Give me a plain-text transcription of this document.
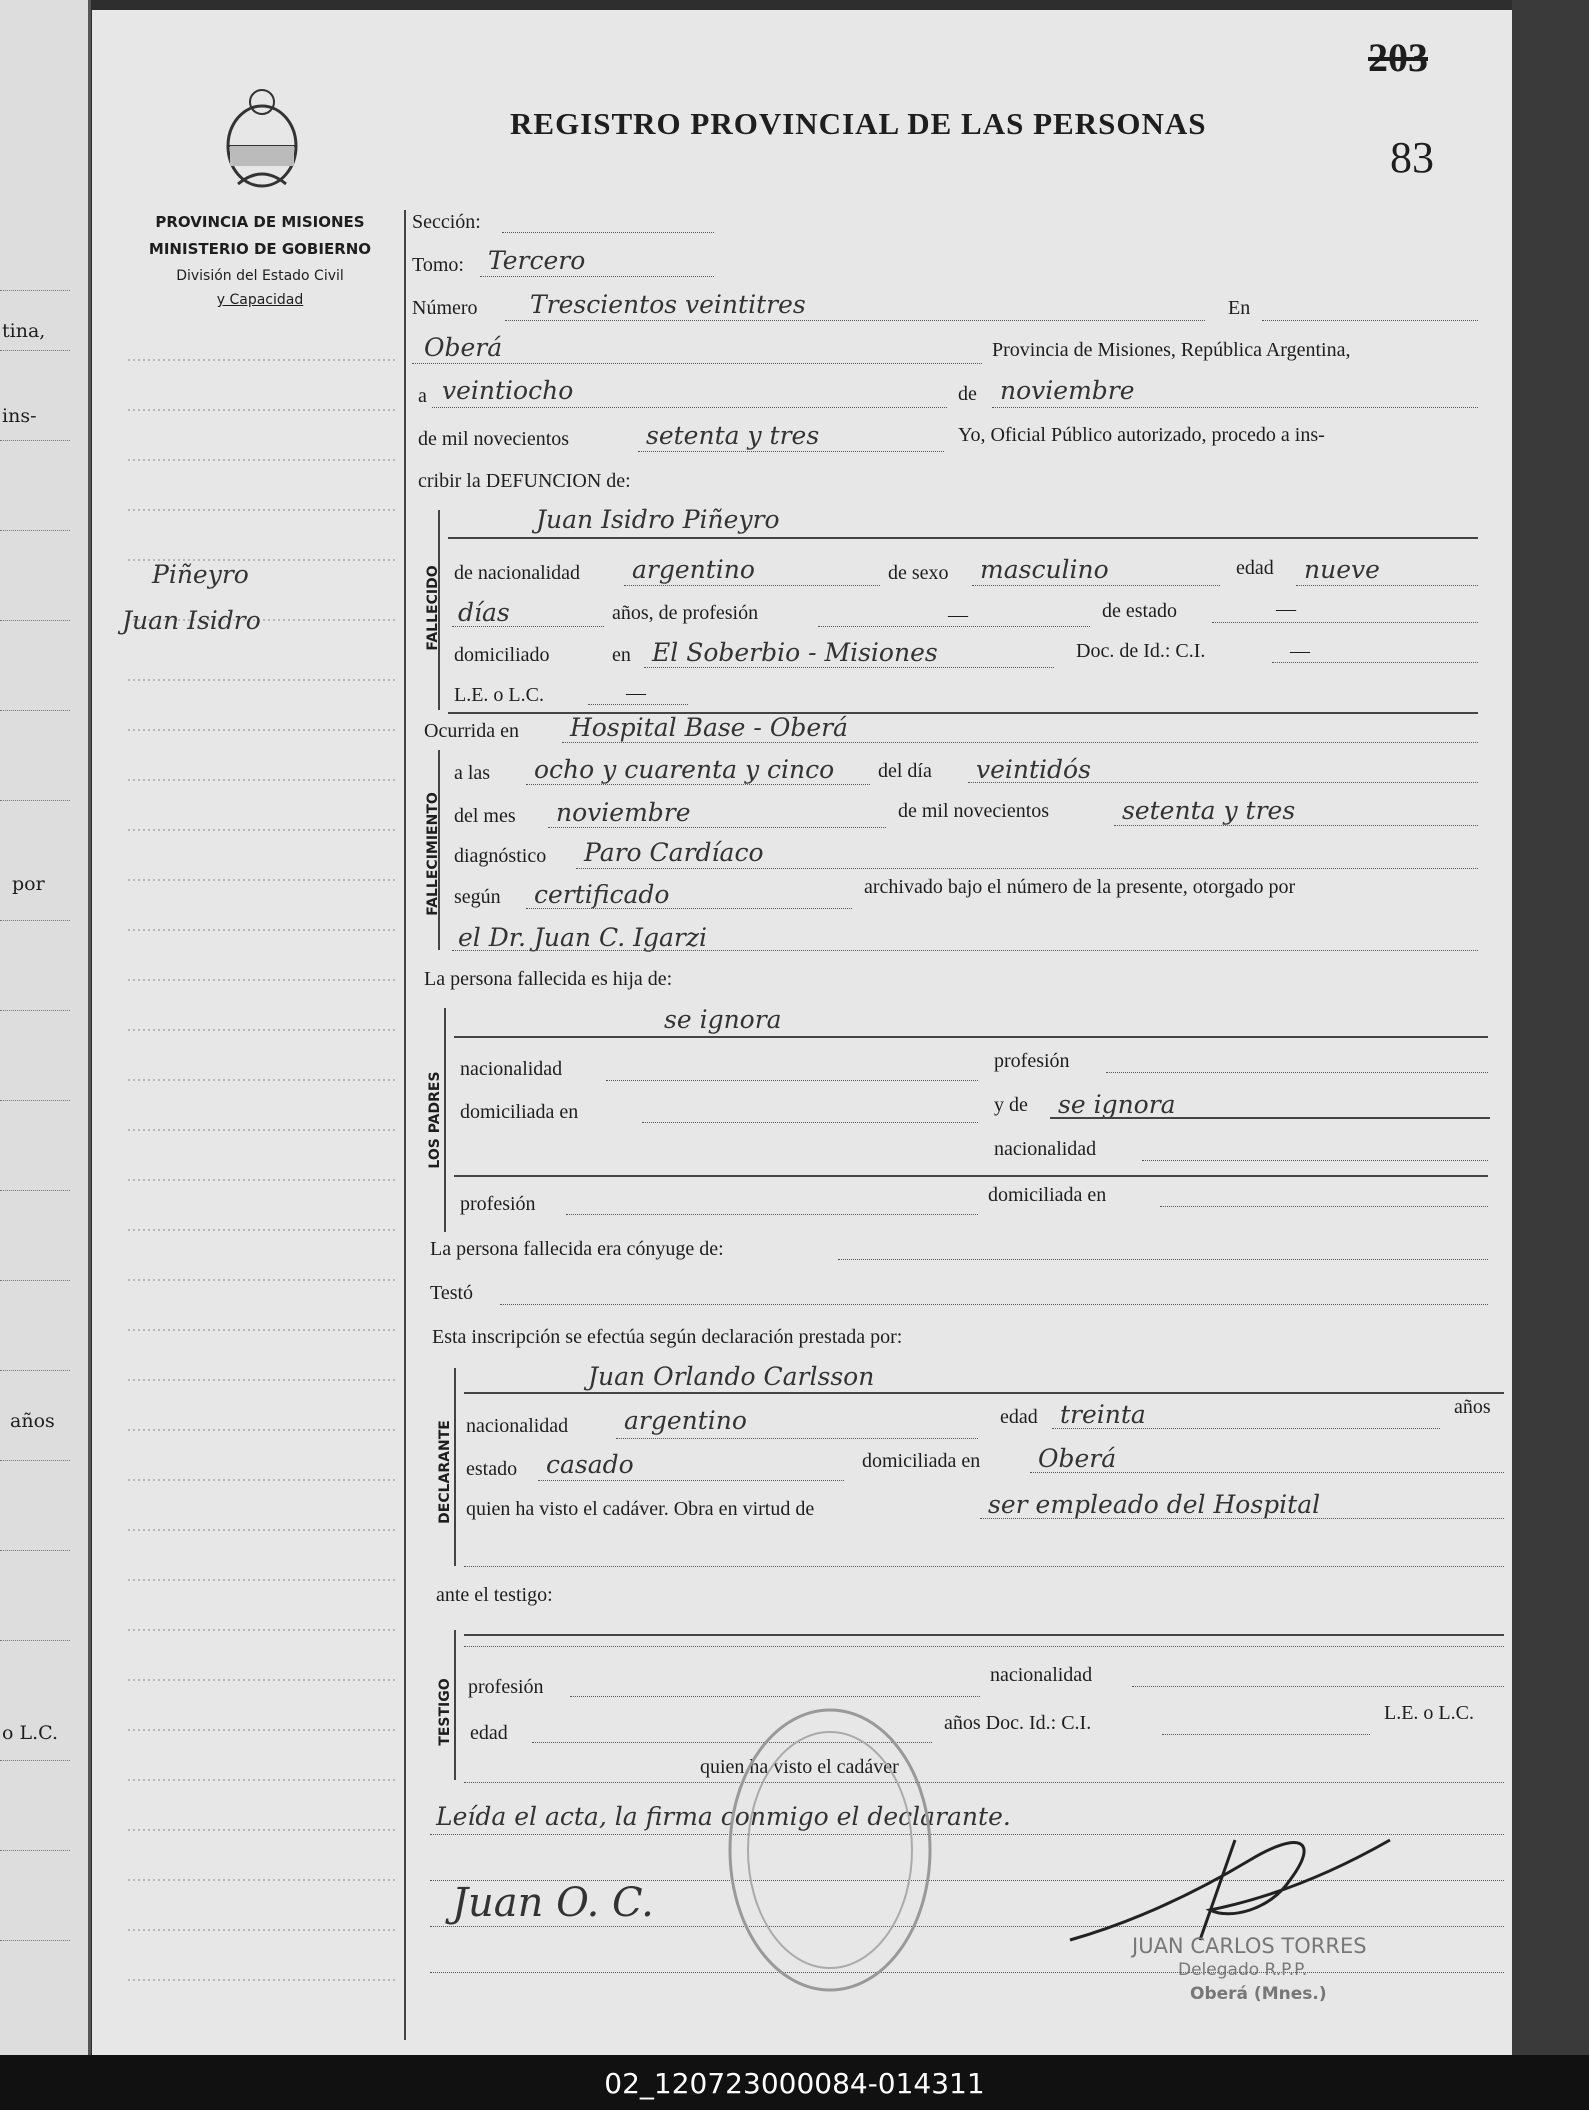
tina,
ins-
por
años
o L.C.
REGISTRO PROVINCIAL DE LAS PERSONAS
203
83
PROVINCIA DE MISIONES
MINISTERIO DE GOBIERNO
División del Estado Civil
y Capacidad
Piñeyro
Juan Isidro
Sección:
Tomo: Tercero
Número Trescientos veintitres	En
Oberá	Provincia de Misiones, República Argentina,
a veintiocho	de noviembre
de mil novecientos	setenta y tres	Yo, Oficial Público autorizado, procedo a ins-
cribir la DEFUNCION de:
FALLECIDO
Juan Isidro Piñeyro
de nacionalidad argentino	de sexo masculino	edad nueve
días	años, de profesión	—	de estado	—
domiciliado	en El Soberbio - Misiones	Doc. de Id.: C.I.	—
L.E. o L.C.	—
Ocurrida en Hospital Base - Oberá
FALLECIMIENTO
a las ocho y cuarenta y cinco del día veintidós
del mes noviembre	de mil novecientos	setenta y tres
diagnóstico Paro Cardíaco
según certificado	archivado bajo el número de la presente, otorgado por
el Dr. Juan C. Igarzi
La persona fallecida es hija de:
LOS PADRES
se ignora
nacionalidad	profesión
domiciliada en	y de se ignora
nacionalidad
profesión	domiciliada en
La persona fallecida era cónyuge de:
Testó
Esta inscripción se efectúa según declaración prestada por:
DECLARANTE
Juan Orlando Carlsson
nacionalidad argentino	edad treinta	años
estado casado	domiciliada en Oberá
quien ha visto el cadáver. Obra en virtud de	ser empleado del Hospital
ante el testigo:
TESTIGO profesión
nacionalidad
edad	años Doc. Id.: C.I.	L.E. o L.C.
quien ha visto el cadáver
Leída el acta, la firma conmigo el declarante.
Juan O. C.
JUAN CARLOS TORRES
Delegado R.P.P.
Oberá (Mnes.)
02_120723000084-014311
